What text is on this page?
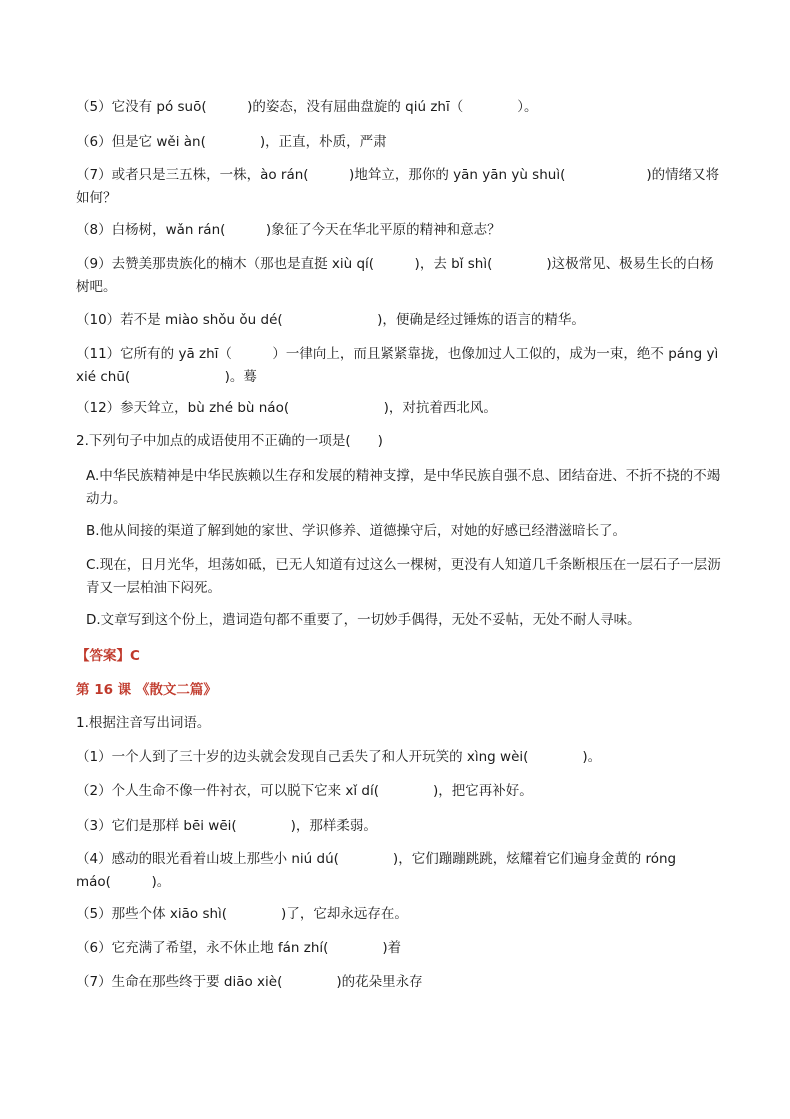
（5）它没有 pó suō(　　　)的姿态，没有屈曲盘旋的 qiú zhī（　　　　）。
（6）但是它 wěi àn(　　　　)，正直，朴质，严肃
（7）或者只是三五株，一株，ào rán(　　　)地耸立，那你的 yān yān yù shuì(　　　　　　)的情绪又将如何？
（8）白杨树，wǎn rán(　　　)象征了今天在华北平原的精神和意志？
（9）去赞美那贵族化的楠木（那也是直挺 xiù qí(　　　)，去 bǐ shì(　　　　)这极常见、极易生长的白杨树吧。
（10）若不是 miào shǒu ǒu dé(　　　　　　　)，便确是经过锤炼的语言的精华。
（11）它所有的 yā zhī（　　　）一律向上，而且紧紧靠拢，也像加过人工似的，成为一束，绝不 páng yì xié chū(　　　　　　　)。蓦
（12）参天耸立，bù zhé bù náo(　　　　　　　)，对抗着西北风。
2.下列句子中加点的成语使用不正确的一项是(　　)
A.中华民族精神是中华民族赖以生存和发展的精神支撑，是中华民族自强不息、团结奋进、不折不挠的不竭动力。
B.他从间接的渠道了解到她的家世、学识修养、道德操守后，对她的好感已经潜滋暗长了。
C.现在，日月光华，坦荡如砥，已无人知道有过这么一棵树，更没有人知道几千条断根压在一层石子一层沥青又一层柏油下闷死。
D.文章写到这个份上，遣词造句都不重要了，一切妙手偶得，无处不妥帖，无处不耐人寻味。
【答案】C
第 16 课 《散文二篇》
1.根据注音写出词语。
（1）一个人到了三十岁的边头就会发现自己丢失了和人开玩笑的 xìng wèi(　　　　)。
（2）个人生命不像一件衬衣，可以脱下它来 xǐ dí(　　　　)，把它再补好。
（3）它们是那样 bēi wēi(　　　　)，那样柔弱。
（4）感动的眼光看着山坡上那些小 niú dú(　　　　)，它们蹦蹦跳跳，炫耀着它们遍身金黄的 róng máo(　　　)。
（5）那些个体 xiāo shì(　　　　)了，它却永远存在。
（6）它充满了希望，永不休止地 fán zhí(　　　　)着
（7）生命在那些终于要 diāo xiè(　　　　)的花朵里永存
